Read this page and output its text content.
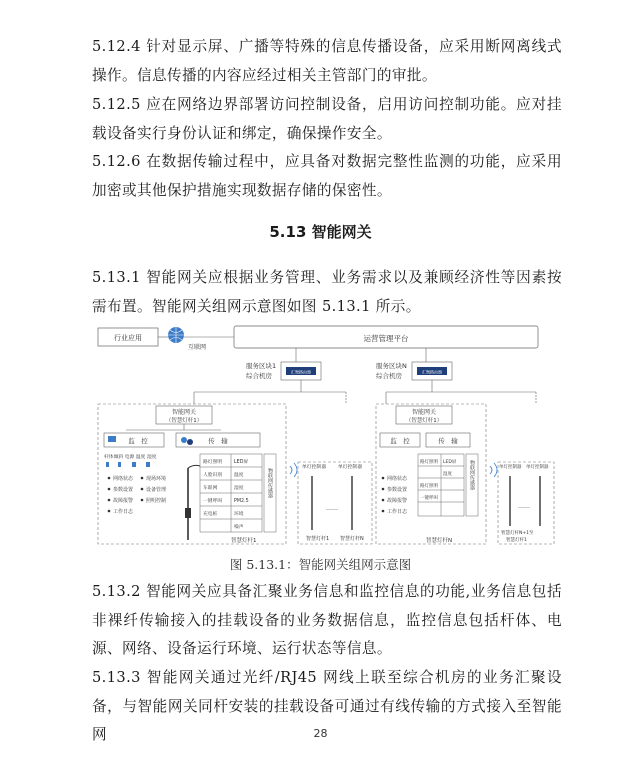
5.12.4 针对显示屏、广播等特殊的信息传播设备，应采用断网离线式操作。信息传播的内容应经过相关主管部门的审批。

5.12.5 应在网络边界部署访问控制设备，启用访问控制功能。应对挂载设备实行身份认证和绑定，确保操作安全。

5.12.6 在数据传输过程中，应具备对数据完整性监测的功能，应采用加密或其他保护措施实现数据存储的保密性。

5.13 智能网关

5.13.1 智能网关应根据业务管理、业务需求以及兼顾经济性等因素按需布置。智能网关组网示意图如图 5.13.1 所示。

行业应用
互联网
运营管理平台
服务区块1
综合机房	汇聚路由器
服务区块N
综合机房	汇聚路由器
智能网关
（智慧灯杆1）
监　控	传　输
杆体倾斜 电源 温度 湿度
网络状态
参数设置
故障报警
工作日志
现场环境
设备管理
照明控制
路灯照明 LED屏
人脸识别 温度
车联网	湿度
一键呼叫 PM2.5
充电桩	环境
噪声
物联网传感器
智慧灯杆1
单灯控制器	单灯控制器
……
智慧灯杆1 智慧灯杆N
智能网关
（智慧灯杆1）
监　控	传　输
网络状态
参数设置
故障报警
工作日志
路灯照明 LED屏
湿度
路灯照明
一键呼叫
物联网传感器
智慧灯杆N
单灯控制器 单灯控制器
……
智慧灯杆N+1至
智慧灯杆1
图 5.13.1：智能网关组网示意图

5.13.2 智能网关应具备汇聚业务信息和监控信息的功能,业务信息包括非裸纤传输接入的挂载设备的业务数据信息，监控信息包括杆体、电源、网络、设备运行环境、运行状态等信息。

5.13.3 智能网关通过光纤/RJ45 网线上联至综合机房的业务汇聚设备，与智能网关同杆安装的挂载设备可通过有线传输的方式接入至智能网	28
